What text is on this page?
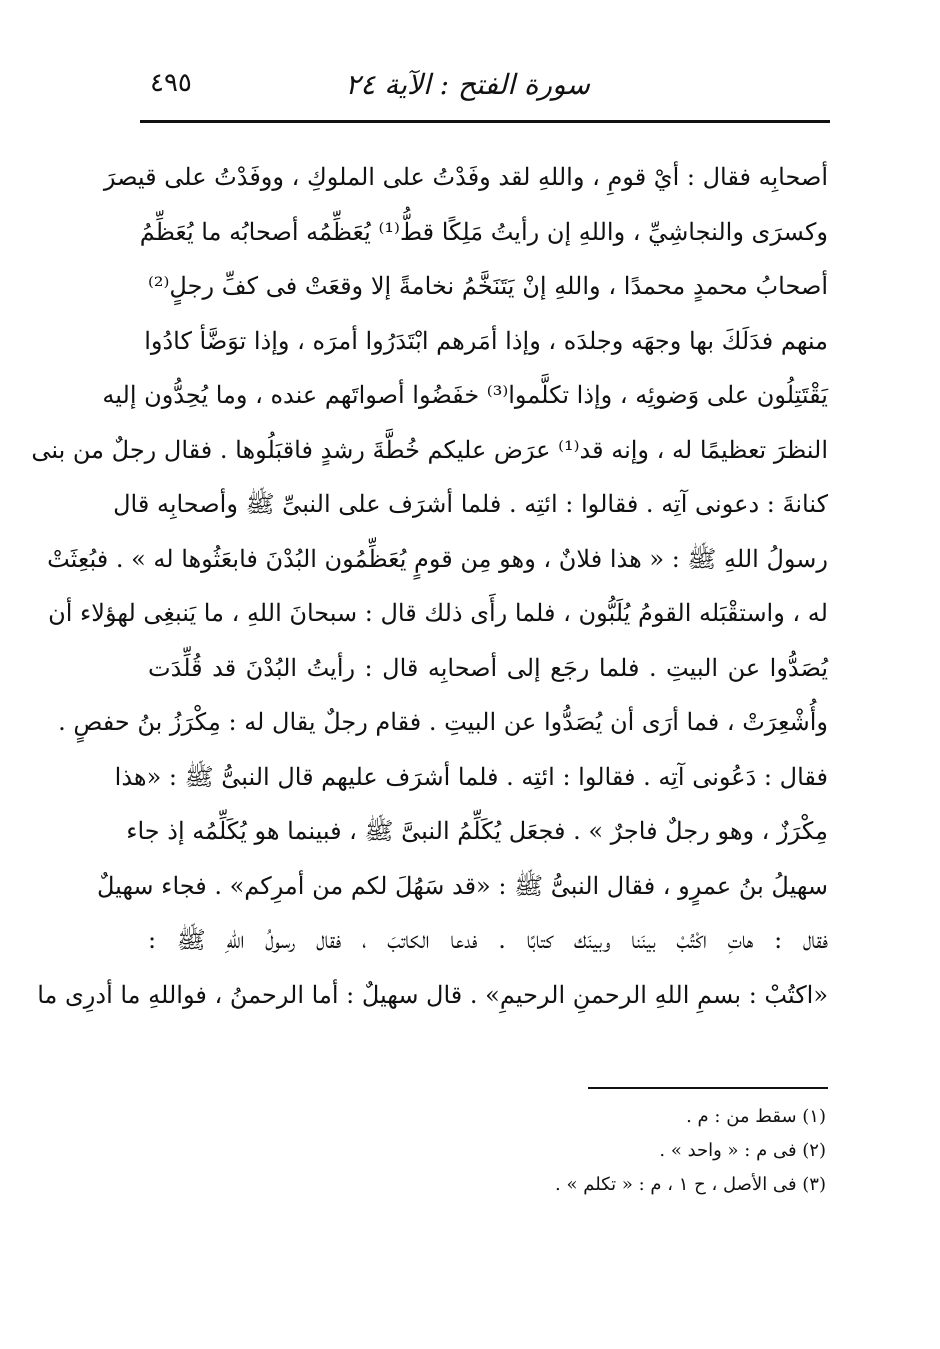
سورة الفتح : الآية ٢٤
٤٩٥
أصحابِه فقال : أيْ قومِ ، واللهِ لقد وفَدْتُ على الملوكِ ، ووفَدْتُ على قيصرَ
وكسرَى والنجاشِيِّ ، واللهِ إن رأيتُ مَلِكًا قطُّ⁽¹⁾ يُعَظِّمُه أصحابُه ما يُعَظِّمُ
أصحابُ محمدٍ محمدًا ، واللهِ إنْ يَتَنَخَّمُ نخامةً إلا وقعَتْ فى كفِّ رجلٍ⁽²⁾
منهم فدَلَكَ بها وجهَه وجلدَه ، وإذا أمَرهم ابْتَدَرُوا أمرَه ، وإذا توَضَّأ كادُوا
يَقْتَتِلُون على وَضوئِه ، وإذا تكلَّموا⁽³⁾ خفَضُوا أصواتَهم عنده ، وما يُحِدُّون إليه
النظرَ تعظيمًا له ، وإنه قد⁽¹⁾ عرَض عليكم خُطَّةَ رشدٍ فاقبَلُوها . فقال رجلٌ من بنى
كنانةَ : دعونى آتِه . فقالوا : ائتِه . فلما أشرَف على النبىِّ ﷺ وأصحابِه قال
رسولُ اللهِ ﷺ : « هذا فلانٌ ، وهو مِن قومٍ يُعَظِّمُون البُدْنَ فابعَثُوها له » . فبُعِثَتْ
له ، واستقْبَله القومُ يُلَبُّون ، فلما رأَى ذلك قال : سبحانَ اللهِ ، ما يَنبغِى لهؤلاء أن
يُصَدُّوا عن البيتِ . فلما رجَع إلى أصحابِه قال : رأيتُ البُدْنَ قد قُلِّدَت
وأُشْعِرَتْ ، فما أرَى أن يُصَدُّوا عن البيتِ . فقام رجلٌ يقال له : مِكْرَزُ بنُ حفصٍ .
فقال : دَعُونى آتِه . فقالوا : ائتِه . فلما أشرَف عليهم قال النبىُّ ﷺ : «هذا
مِكْرَزٌ ، وهو رجلٌ فاجرٌ » . فجعَل يُكَلِّمُ النبىَّ ﷺ ، فبينما هو يُكَلِّمُه إذ جاء
سهيلُ بنُ عمرٍو ، فقال النبىُّ ﷺ : «قد سَهُلَ لكم من أمرِكم» . فجاء سهيلٌ
فقال : هاتِ اكْتُبْ بينَنا وبينَك كتابًا . فدعا الكاتبَ ، فقال رسولُ اللهِ ﷺ :
«اكتُبْ : بسمِ اللهِ الرحمنِ الرحيمِ» . قال سهيلٌ : أما الرحمنُ ، فواللهِ ما أدرِى ما
(١) سقط من : م .
(٢) فى م : « واحد » .
(٣) فى الأصل ، ح ١ ، م : « تكلم » .
